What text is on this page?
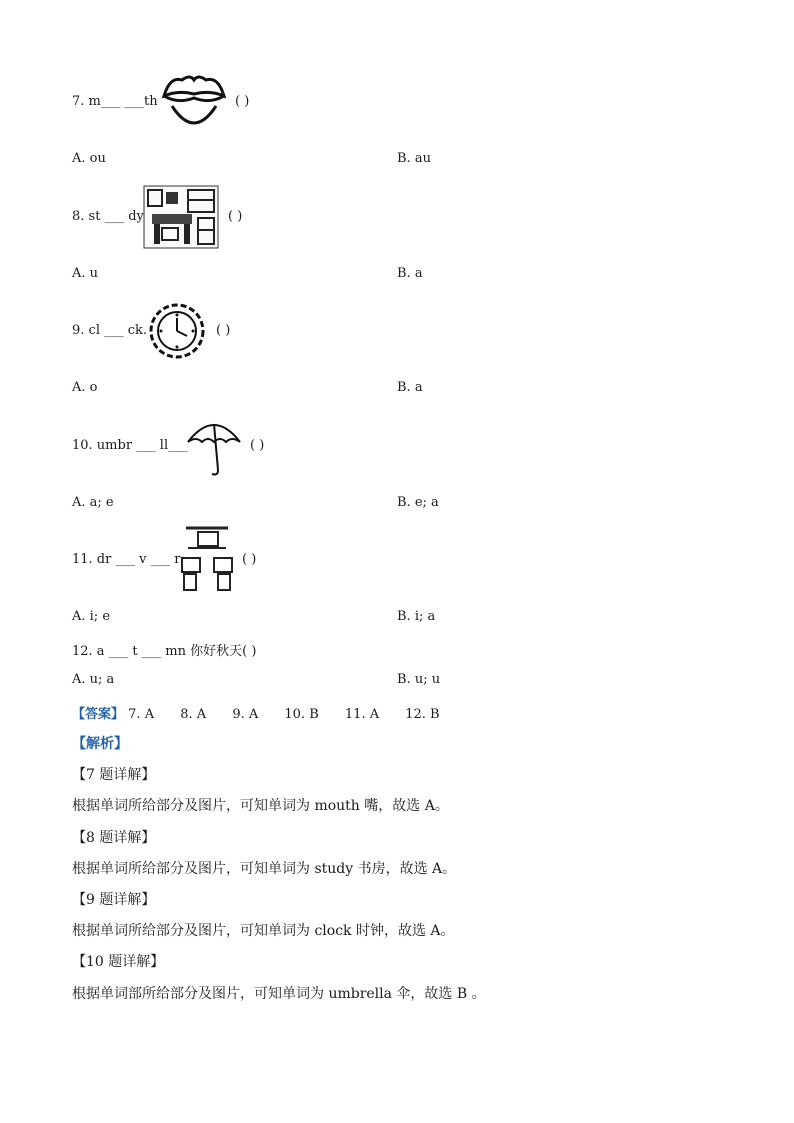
7. m___ ___th	( )
A. ou	B. au
8. st ___ dy	( )
A. u	B. a
9. cl ___ ck.	( )
A. o	B. a
10. umbr ___ ll___	( )
A. a; e	B. e; a
11. dr ___ v ___ r	( )
A. i; e	B. i; a
12. a ___ t ___ mn 你好秋天( )
A. u; a	B. u; u
【答案】 7. A 8. A 9. A 10. B 11. A 12. B
【解析】
【7 题详解】
根据单词所给部分及图片，可知单词为 mouth 嘴，故选 A。
【8 题详解】
根据单词所给部分及图片，可知单词为 study 书房，故选 A。
【9 题详解】
根据单词所给部分及图片，可知单词为 clock 时钟，故选 A。
【10 题详解】
根据单词部所给部分及图片，可知单词为 umbrella 伞，故选 B 。
